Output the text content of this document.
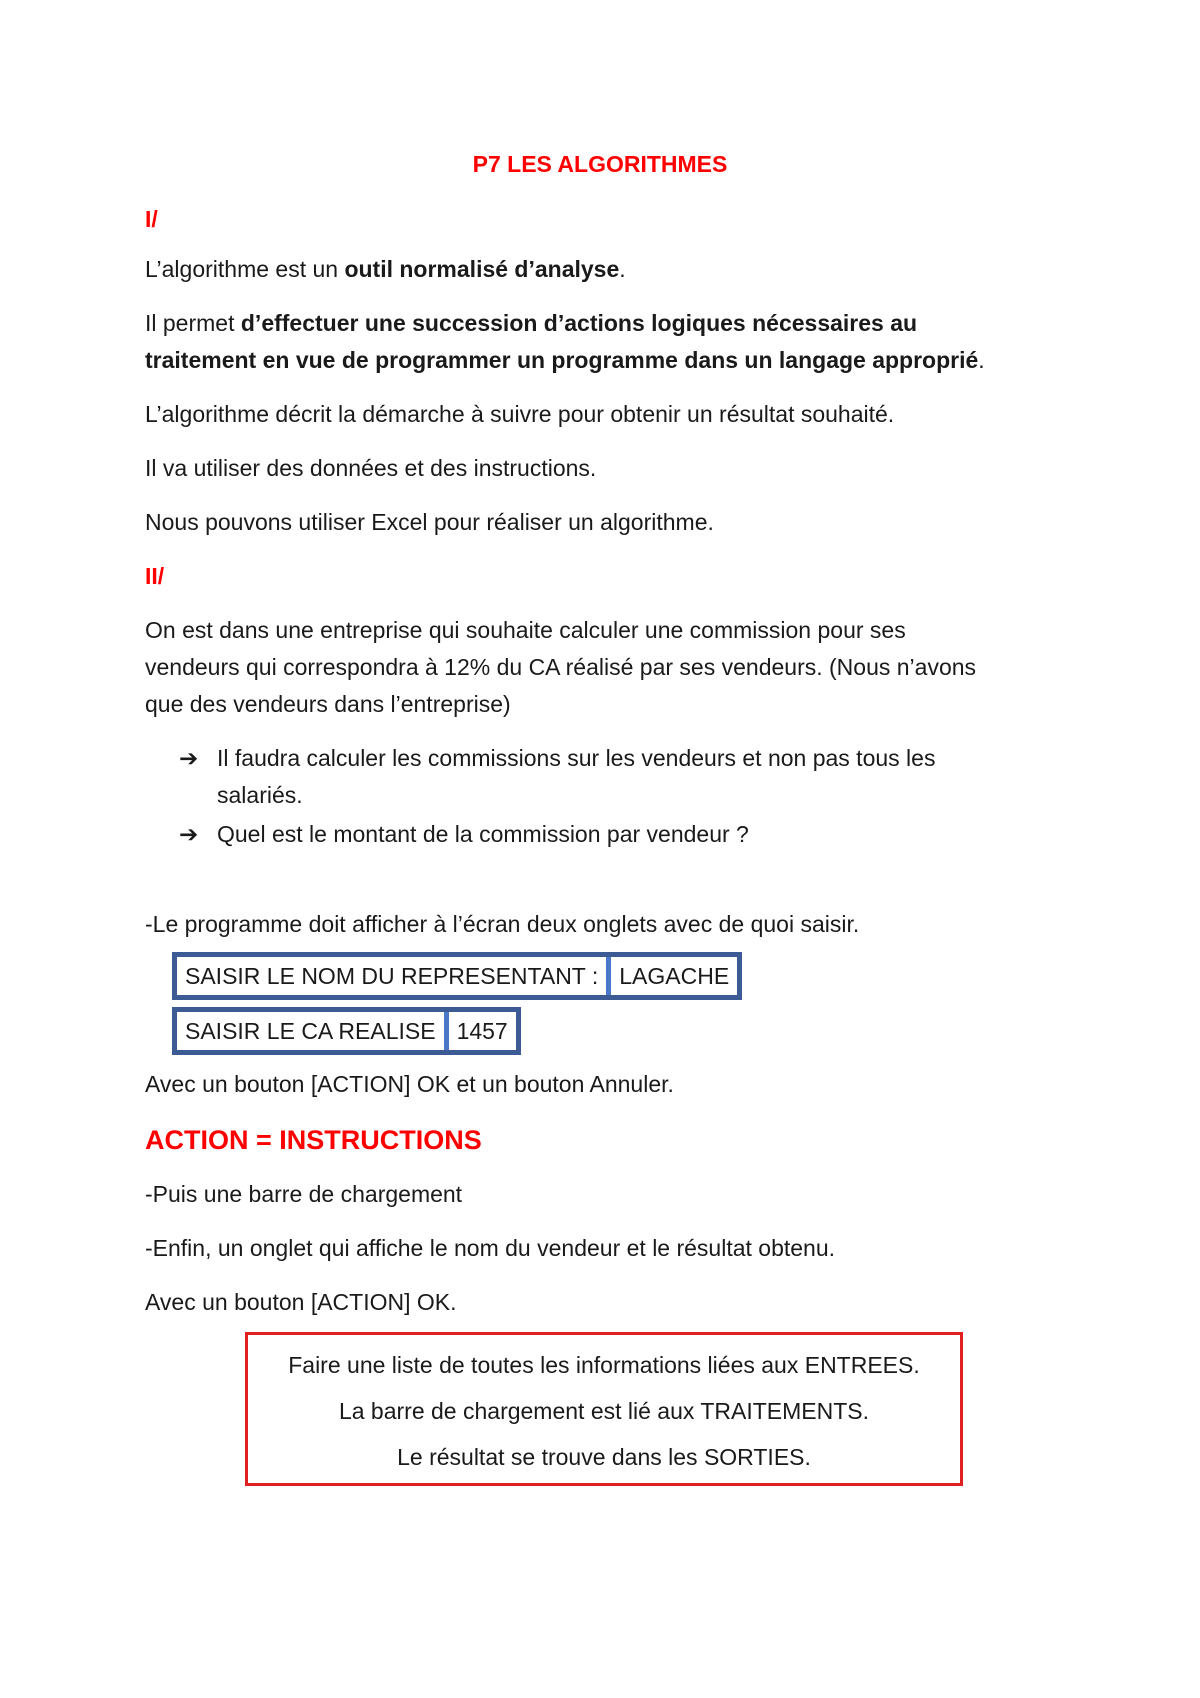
P7 LES ALGORITHMES
I/
L’algorithme est un outil normalisé d’analyse.
Il permet d’effectuer une succession d’actions logiques nécessaires au
traitement en vue de programmer un programme dans un langage approprié.
L’algorithme décrit la démarche à suivre pour obtenir un résultat souhaité.
Il va utiliser des données et des instructions.
Nous pouvons utiliser Excel pour réaliser un algorithme.
II/
On est dans une entreprise qui souhaite calculer une commission pour ses
vendeurs qui correspondra à 12% du CA réalisé par ses vendeurs. (Nous n’avons
que des vendeurs dans l’entreprise)
➔ Il faudra calculer les commissions sur les vendeurs et non pas tous les
salariés.
➔ Quel est le montant de la commission par vendeur ?
-Le programme doit afficher à l’écran deux onglets avec de quoi saisir.
SAISIR LE NOM DU REPRESENTANT : LAGACHE
SAISIR LE CA REALISE 1457
Avec un bouton [ACTION] OK et un bouton Annuler.
ACTION = INSTRUCTIONS
-Puis une barre de chargement
-Enfin, un onglet qui affiche le nom du vendeur et le résultat obtenu.
Avec un bouton [ACTION] OK.
Faire une liste de toutes les informations liées aux ENTREES.
La barre de chargement est lié aux TRAITEMENTS.
Le résultat se trouve dans les SORTIES.
